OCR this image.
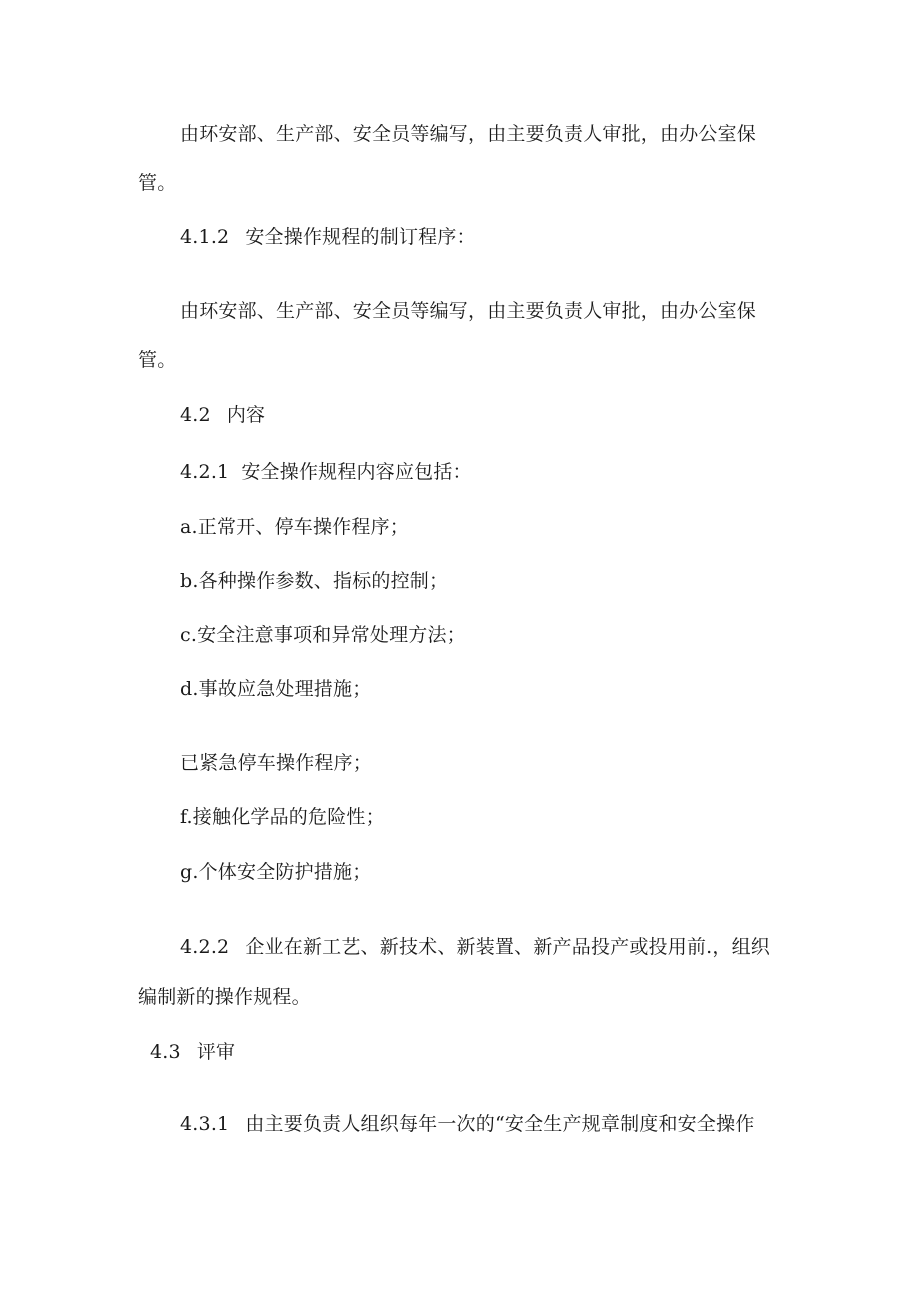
由环安部、生产部、安全员等编写，由主要负责人审批，由办公室保
管。
4.1.2 安全操作规程的制订程序：
由环安部、生产部、安全员等编写，由主要负责人审批，由办公室保
管。
4.2 内容
4.2.1 安全操作规程内容应包括：
a.正常开、停车操作程序；
b.各种操作参数、指标的控制；
c.安全注意事项和异常处理方法；
d.事故应急处理措施；
已紧急停车操作程序；
f.接触化学品的危险性；
g.个体安全防护措施；
4.2.2 企业在新工艺、新技术、新装置、新产品投产或投用前.，组织
编制新的操作规程。
4.3 评审
4.3.1 由主要负责人组织每年一次的“安全生产规章制度和安全操作
